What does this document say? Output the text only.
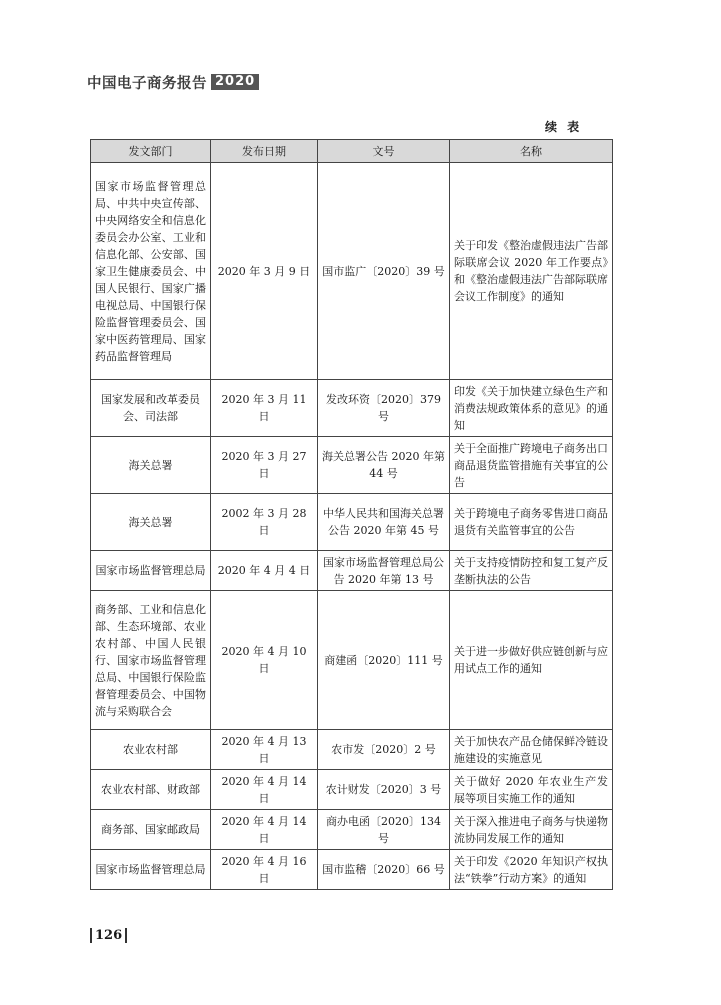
中国电子商务报告 2020
续 表
发文部门	发布日期	文号	名称
国家市场监督管理总局、中共中央宣传部、中央网络安全和信息化委员会办公室、工业和信息化部、公安部、国家卫生健康委员会、中国人民银行、国家广播电视总局、中国银行保险监督管理委员会、国家中医药管理局、国家药品监督管理局	2020 年 3 月 9 日	国市监广〔2020〕39 号	关于印发《整治虚假违法广告部际联席会议 2020 年工作要点》和《整治虚假违法广告部际联席会议工作制度》的通知
国家发展和改革委员会、司法部	2020 年 3 月 11 日	发改环资〔2020〕379 号	印发《关于加快建立绿色生产和消费法规政策体系的意见》的通知
海关总署	2020 年 3 月 27 日	海关总署公告 2020 年第 44 号	关于全面推广跨境电子商务出口商品退货监管措施有关事宜的公告
海关总署	2002 年 3 月 28 日	中华人民共和国海关总署公告 2020 年第 45 号	关于跨境电子商务零售进口商品退货有关监管事宜的公告
国家市场监督管理总局	2020 年 4 月 4 日	国家市场监督管理总局公告 2020 年第 13 号	关于支持疫情防控和复工复产反垄断执法的公告
商务部、工业和信息化部、生态环境部、农业农村部、中国人民银行、国家市场监督管理总局、中国银行保险监督管理委员会、中国物流与采购联合会	2020 年 4 月 10 日	商建函〔2020〕111 号	关于进一步做好供应链创新与应用试点工作的通知
农业农村部	2020 年 4 月 13 日	农市发〔2020〕2 号	关于加快农产品仓储保鲜冷链设施建设的实施意见
农业农村部、财政部	2020 年 4 月 14 日	农计财发〔2020〕3 号	关于做好 2020 年农业生产发展等项目实施工作的通知
商务部、国家邮政局	2020 年 4 月 14 日	商办电函〔2020〕134 号	关于深入推进电子商务与快递物流协同发展工作的通知
国家市场监督管理总局	2020 年 4 月 16 日	国市监稽〔2020〕66 号	关于印发《2020 年知识产权执法“铁拳”行动方案》的通知
126
